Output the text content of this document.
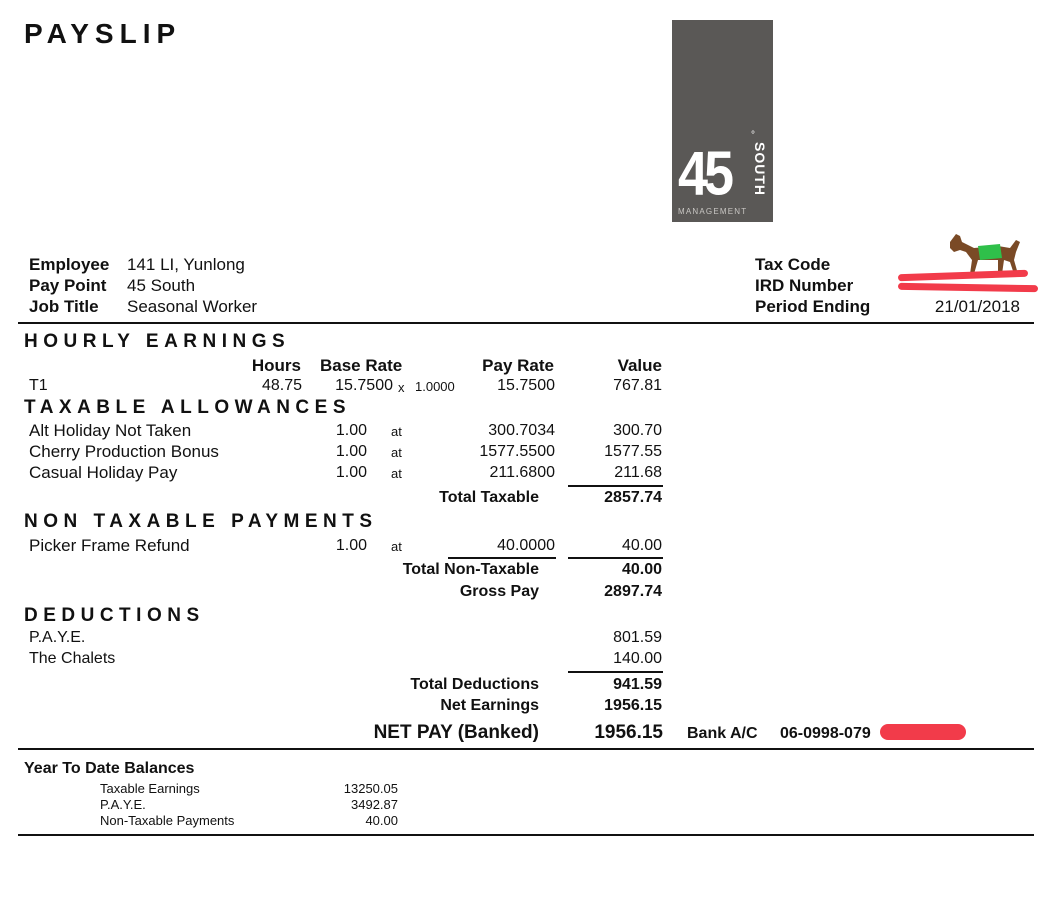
PAYSLIP
45
°
SOUTH
MANAGEMENT
Employee 141 LI, Yunlong
Pay Point 45 South
Job Title Seasonal Worker
Tax Code
IRD Number
Period Ending	21/01/2018
HOURLY EARNINGS
Hours Base Rate	Pay Rate	Value
T1	48.75	15.7500 x 1.0000	15.7500	767.81
TAXABLE ALLOWANCES
Alt Holiday Not Taken	1.00 at	300.7034	300.70
Cherry Production Bonus	1.00 at	1577.5500	1577.55
Casual Holiday Pay	1.00 at	211.6800	211.68
Total Taxable	2857.74
NON TAXABLE PAYMENTS
Picker Frame Refund	1.00 at	40.0000	40.00
Total Non-Taxable	40.00
Gross Pay	2897.74
DEDUCTIONS
P.A.Y.E.	801.59
The Chalets	140.00
Total Deductions	941.59
Net Earnings	1956.15
NET PAY (Banked)	1956.15 Bank A/C 06-0998-079
Year To Date Balances
Taxable Earnings	13250.05
P.A.Y.E.	3492.87
Non-Taxable Payments	40.00
